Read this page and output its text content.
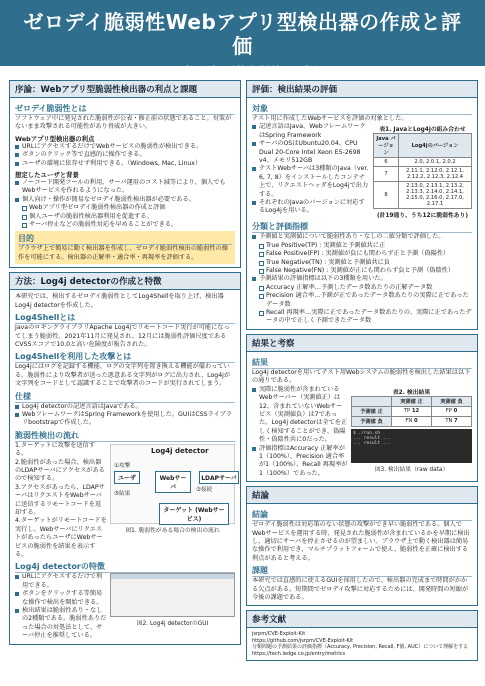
ゼロデイ脆弱性Webアプリ型検出器の作成と評価
二ノ方 理仁（芝中学校　3年）
序論：Webアプリ型脆弱性検出器の利点と課題
ゼロデイ脆弱性とは

ソフトウェア中に発見された脆弱性が公表・修正前の状態であること。対策がないまま攻撃される可能性があり脅威が大きい。

Webアプリ型検出器の利点
URLにアクセスするだけでWebサービスの脆弱性が検出できる。
ボタンのクリック等で直感的に操作できる。
ユーザの環境に依存せず利用できる。（Windows, Mac, Linux）
想定したユーザと背景
ノーコード開発ツールの利用、サーバ運用のコスト減等により、個人でもWebサービスを作れるようになった。
個人向け・操作が簡易なゼロデイ脆弱性検出器が必要である。
Webアプリ型ゼロデイ脆弱性検出器の作成と評価
個人ユーザの脆弱性検出器利用を促進する。
サーバ停止などの脆弱性対応を早めることができる。
目的

ブラウザ上で簡易に動く検出器を作成し、ゼロデイ脆弱性検出の脆弱性の操作を可能にする。検出器の正解率・適合率・再現率を評価する。

方法：Log4j detectorの作成と特徴

本研究では、検出するゼロデイ脆弱性としてLog4Shellを取り上げ、検出器Log4j detectorを作成した。

Log4Shellとは

JavaのロギングライブラリApache Log4jでリモートコード実行が可能になってしまう脆弱性。2021年11月に発見され、12月には脆弱性評価尺度であるCVSSスコアで10.0と高い危険度が報告された。

Log4Shellを利用した攻撃とは

Log4jにはログを記録する機能、ログの文字列を置き換える機能が備わっている。脆弱性により攻撃者が送った悪意ある文字列がログに出力され、Log4jが文字列をコードとして認識することで攻撃者のコードが実行されてしまう。

仕様
Log4j detectorの記述言語はJavaである。
WebフレームワークはSpring Frameworkを使用した。GUIはCSSライブラリbootstrapで作成した。
脆弱性検出の流れ

1.ターゲットに攻撃を送信する。

2.脆弱性があった場合、検出器のLDAPサーバにアクセスがあるので検知する。

3.アクセスがあったら、LDAPサーバはリクエストをWebサーバに送信するリモートコードを返却する。

4.ターゲットがリモートコードを実行し、WebサーバにリクエストがあったらユーザにWebサービスの脆弱性を結果を表示する。

Log4j detector
ユーザ	Webサーバ
LDAPサーバ
ターゲット (Webサービス)
①攻撃
②接続
⑤結果
図1. 脆弱性がある場合の検出の流れ
Log4j detectorの特徴
URLにアクセスするだけで利用できる。
ボタンをクリックする等簡易な操作で検出を開始できる。
検出結果は脆弱性あり・なしの2種類である。脆弱性ありだった場合の対処法として、サーバ停止を推奨している。
図2. Log4j detectorのGUI
評価：検出結果の評価
対象

テスト用に作成したWebサービスを評価の対象とした。

記述言語はJava、WebフレームワークはSpring Framework
サーバのOSはUbuntu20.04、CPU Dual 20-Core Intel Xeon E5-2698 v4、メモリ512GB
テストWebサーバは3種類のJava（ver. 6, 7, 8）をインストールしたコンテナ上で、リクエストヘッダをLog4jで出力する。
それぞれのJavaのバージョンに対応するLog4jを用いる。
表1. JavaとLog4jの組み合わせ
Java バージョン	Log4jのバージョン
6	2.0, 2.0.1, 2.0.2
7	2.11.1, 2.12.0, 2.12.1, 2.12.2, 2.12.3, 2.12.4
8	2.13.0, 2.13.1, 2.13.2, 2.13.3, 2.14.0, 2.14.1, 2.15.0, 2.16.0, 2.17.0, 2.17.1
(計19通り、うち12に脆弱性あり)
分類と評価指標
予測値と実測値について脆弱性あり・なしの二値分類で評価した。
True Positive(TP) : 実測値と予測値共に正
False Positive(FP) : 実測値が負にも関わらず正と予測（偽陽性）
True Negative(TN) : 実測値と予測値共に負
False Negative(FN) : 実測値が正にも関わらず負と予測（偽陰性）
予測結果の評価指標は以下の3種類を用いた。
Accuracy 正解率…予測したデータ数あたりの正解データ数
Precision 適合率…予測が正であったデータ数あたりの実際に正であったデータ数
Recall 再現率…実際に正であったデータ数あたりの、実際に正であったデータの中で正しく予測できたデータ数
結果と考察
結果

Log4j detectorを用いてテスト用Webシステムの脆弱性を検出した結果は以下の通りである。

実際に脆弱性が含まれているWebサーバー（実測値正）は12、含まれていないWebサービス（実測値負）は7であった。Log4j detectorは全てを正しく検知することができ、偽陽性・偽陰性共に0だった。
評価指標はAccuracy 正解率が1（100%）、Precision 適合率が1（100%）、Recall 再現率が1（100%）であった。
表2. 検出結果
	実測値 正	実測値 負
予測値 正	TP 12	FP 0
予測値 負	FN 0	TN 7
$ ./run.sh
... result ...
... result ...
図3. 検出結果（raw data）
結論
結論

ゼロデイ脆弱性は対応策のない状態の攻撃ができ早い脆弱性である。個人でWebサービスを運用する時、発見された脆弱性が含まれているかを早期に検出し、適切にサーバを停止させるのが望ましい。ブラウザ上で動く検出器は簡易な操作で利用でき、マルチプラットフォームで使え、脆弱性を正確に検出する利点があると考える。

課題

本研究では直感的に使えるGUIを採用したので、検出器の完成まで時間がかかる欠点がある。短期間でゼロデイ攻撃に対応するためには、開発時間の短縮が今後の課題である。

参考文献

jsrpm/CVE-Exploit-Kit

https://github.com/jsrpm/CVE-Exploit-Kit

分類問題の予測結果の評価指標（Accuracy, Precision, Recall, F値, AUC）について理解をする

https://tech.ledge.co.jp/entry/metrics
